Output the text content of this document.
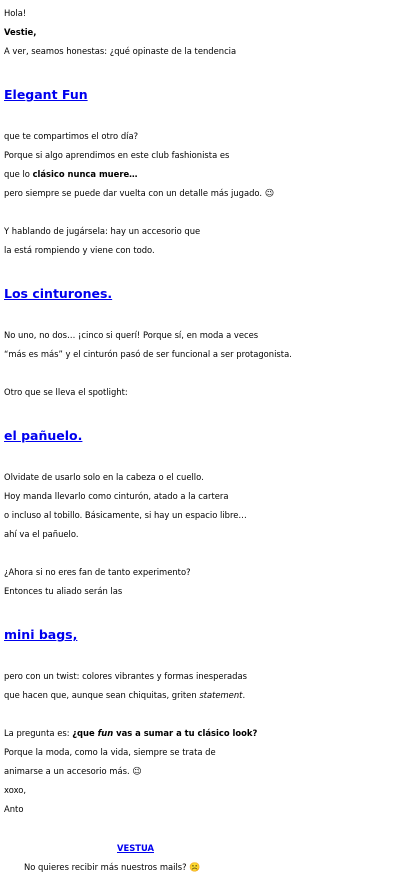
Hola!
Vestie,
A ver, seamos honestas: ¿qué opinaste de la tendencia
Elegant Fun
que te compartimos el otro día?
Porque si algo aprendimos en este club fashionista es
que lo clásico nunca muere…
pero siempre se puede dar vuelta con un detalle más jugado. 😉
Y hablando de jugársela: hay un accesorio que
la está rompiendo y viene con todo.
Los cinturones.
No uno, no dos… ¡cinco si querí! Porque sí, en moda a veces
“más es más” y el cinturón pasó de ser funcional a ser protagonista.
Otro que se lleva el spotlight:
el pañuelo.
Olvidate de usarlo solo en la cabeza o el cuello.
Hoy manda llevarlo como cinturón, atado a la cartera
o incluso al tobillo. Básicamente, si hay un espacio libre…
ahí va el pañuelo.
¿Ahora si no eres fan de tanto experimento?
Entonces tu aliado serán las
mini bags,
pero con un twist: colores vibrantes y formas inesperadas
que hacen que, aunque sean chiquitas, griten statement.
La pregunta es: ¿que fun vas a sumar a tu clásico look?
Porque la moda, como la vida, siempre se trata de
animarse a un accesorio más. 😉
xoxo,
Anto
VESTUA
No quieres recibir más nuestros mails? ☹️
